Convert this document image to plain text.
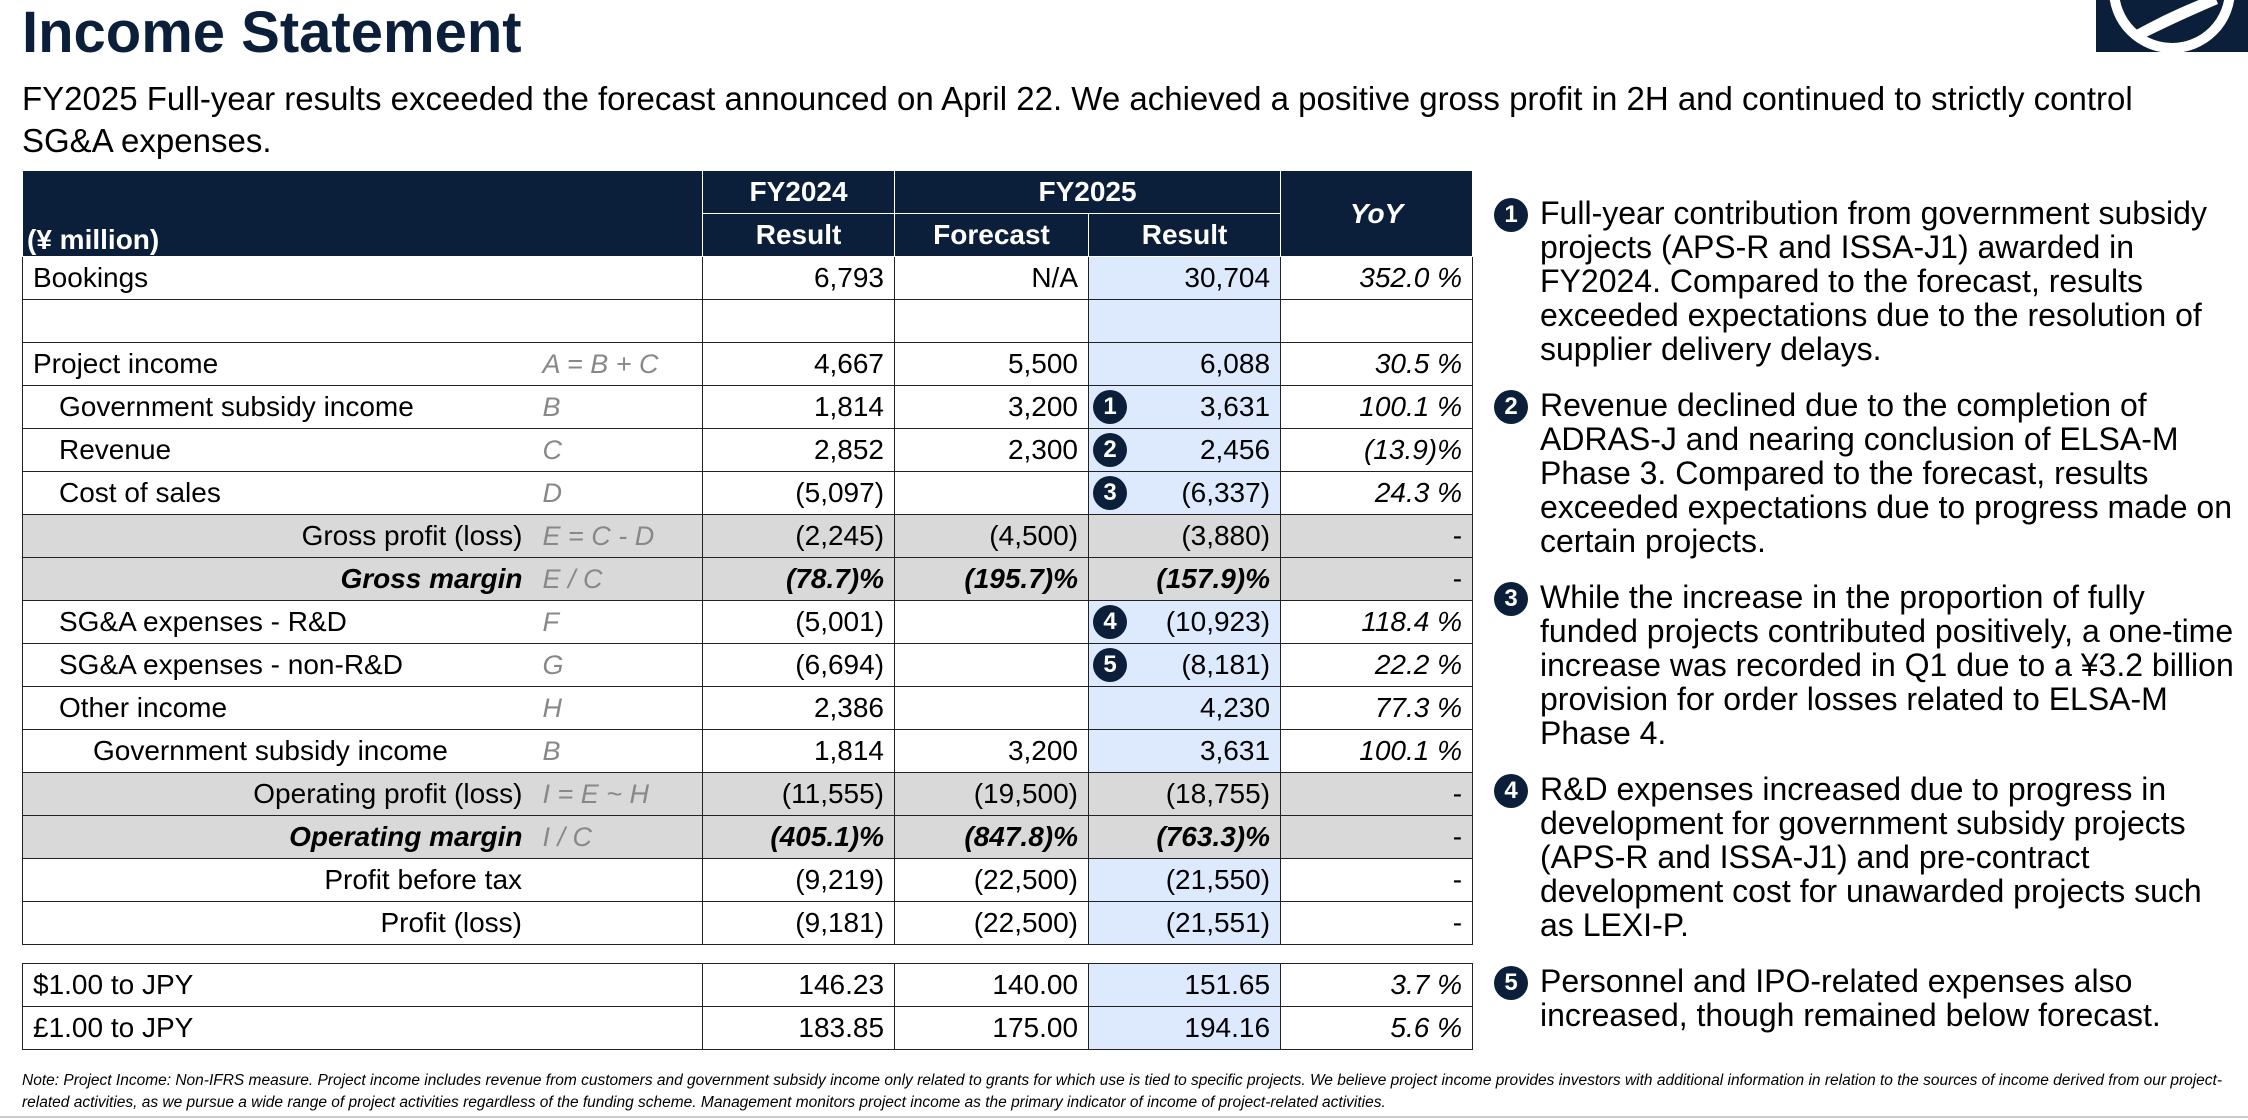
Income Statement

FY2025 Full-year results exceeded the forecast announced on April 22. We achieved a positive gross profit in 2H and continued to strictly control SG&A expenses.

(¥ million)		FY2024	FY2025		YoY
		Result	Forecast	Result	
Bookings		6,793	N/A	30,704	352.0 %

Project income	A = B + C	4,667	5,500	6,088	30.5 %
Government subsidy income	B	1,814	3,200	1 3,631	100.1 %
Revenue	C	2,852	2,300	2 2,456	(13.9)%
Cost of sales	D	(5,097)		3 (6,337)	24.3 %
Gross profit (loss)	E = C - D	(2,245)	(4,500)	(3,880)	-
Gross margin	E / C	(78.7)%	(195.7)%	(157.9)%	-
SG&A expenses - R&D	F	(5,001)		4 (10,923)	118.4 %
SG&A expenses - non-R&D	G	(6,694)		5 (8,181)	22.2 %
Other income	H	2,386		4,230	77.3 %
Government subsidy income	B	1,814	3,200	3,631	100.1 %
Operating profit (loss)	I = E ~ H	(11,555)	(19,500)	(18,755)	-
Operating margin	I / C	(405.1)%	(847.8)%	(763.3)%	-
Profit before tax		(9,219)	(22,500)	(21,550)	-
Profit (loss)		(9,181)	(22,500)	(21,551)	-

$1.00 to JPY		146.23	140.00	151.65	3.7 %
£1.00 to JPY		183.85	175.00	194.16	5.6 %
1 Full-year contribution from government subsidy projects (APS-R and ISSA-J1) awarded in FY2024. Compared to the forecast, results exceeded expectations due to the resolution of supplier delivery delays.
2 Revenue declined due to the completion of ADRAS-J and nearing conclusion of ELSA-M Phase 3. Compared to the forecast, results exceeded expectations due to progress made on certain projects.
3 While the increase in the proportion of fully funded projects contributed positively, a one-time increase was recorded in Q1 due to a ¥3.2 billion provision for order losses related to ELSA-M Phase 4.
4 R&D expenses increased due to progress in development for government subsidy projects (APS-R and ISSA-J1) and pre-contract development cost for unawarded projects such as LEXI-P.
5 Personnel and IPO-related expenses also increased, though remained below forecast.
Note: Project Income: Non-IFRS measure. Project income includes revenue from customers and government subsidy income only related to grants for which use is tied to specific projects. We believe project income provides investors with additional information in relation to the sources of income derived from our project-related activities, as we pursue a wide range of project activities regardless of the funding scheme. Management monitors project income as the primary indicator of income of project-related activities.
